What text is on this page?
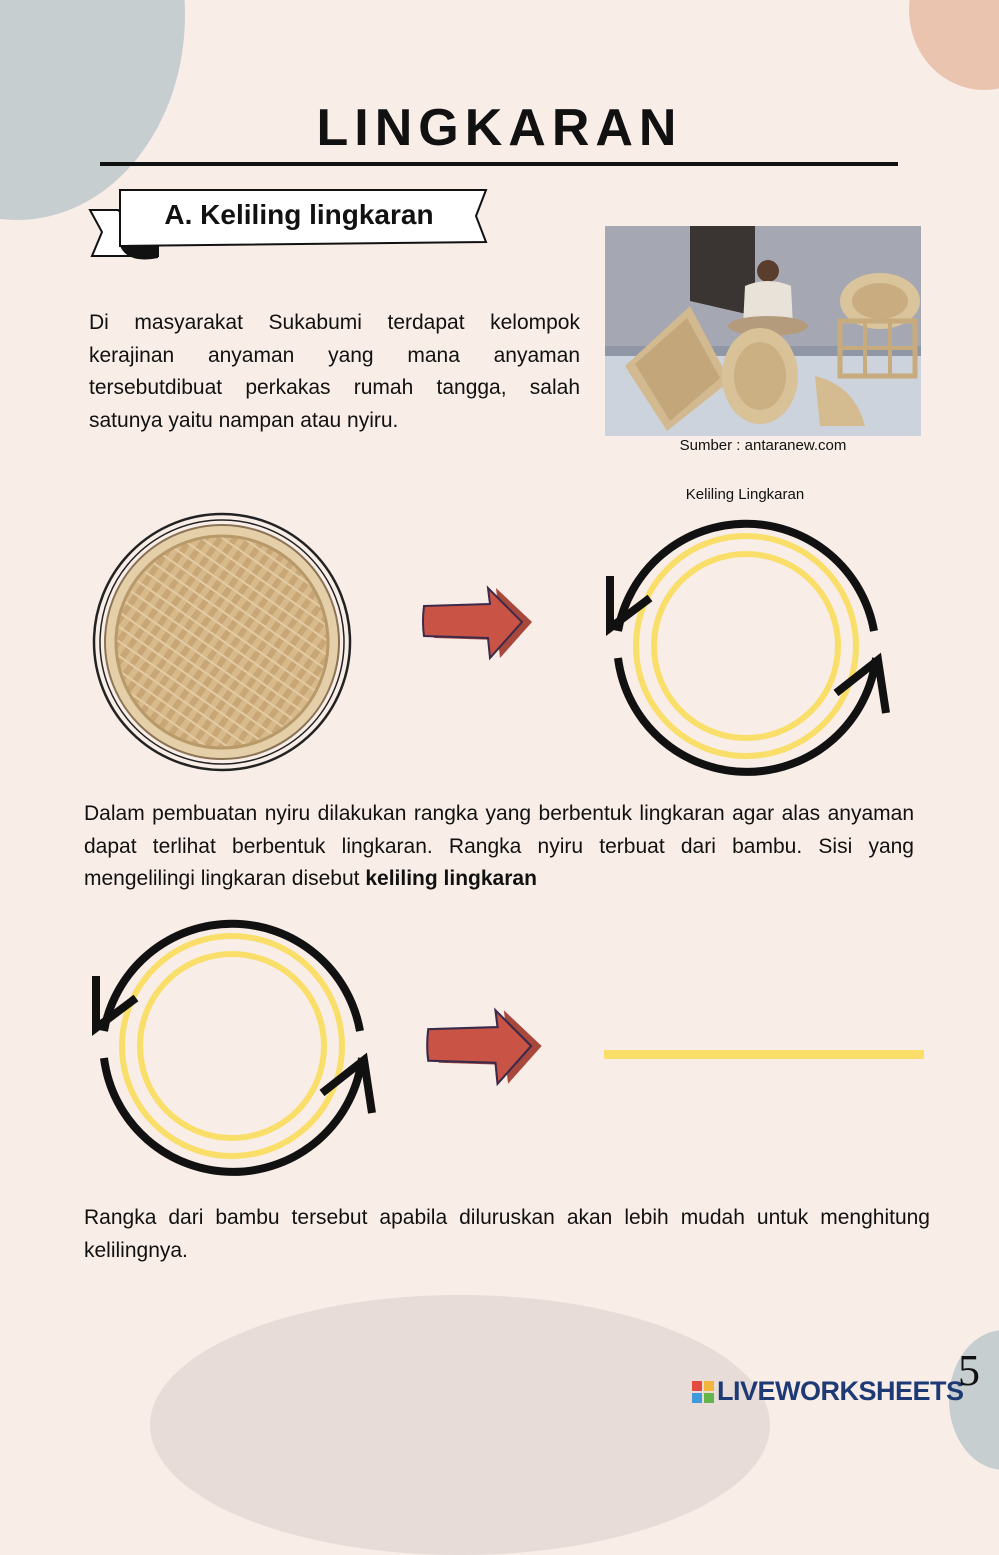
LINGKARAN
A. Keliling lingkaran
Di masyarakat Sukabumi terdapat kelompok kerajinan anyaman yang mana anyaman tersebutdibuat perkakas rumah tangga, salah satunya yaitu nampan atau nyiru.
Sumber : antaranew.com
Keliling Lingkaran
Dalam pembuatan nyiru dilakukan rangka yang berbentuk lingkaran agar alas anyaman dapat terlihat berbentuk lingkaran. Rangka nyiru terbuat dari bambu. Sisi yang mengelilingi lingkaran disebut keliling lingkaran
Rangka dari bambu tersebut apabila diluruskan akan lebih mudah untuk menghitung kelilingnya.
LIVEWORKSHEETS
5
